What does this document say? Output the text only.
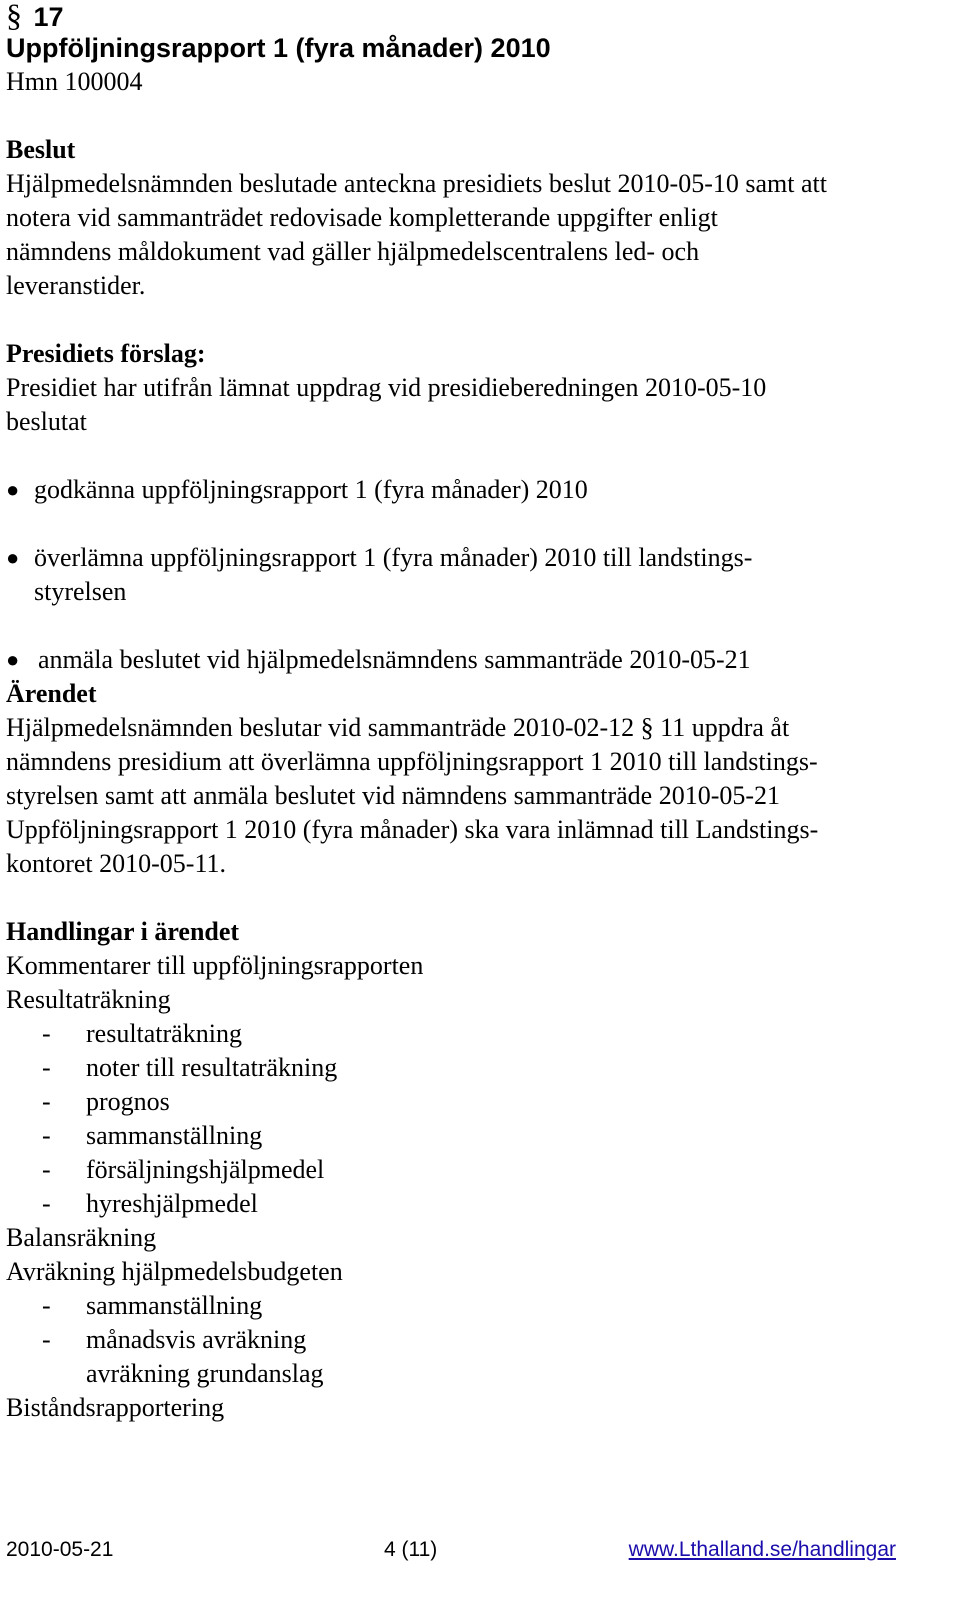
§ 17
Uppföljningsrapport 1 (fyra månader) 2010
Hmn 100004
Beslut

Hjälpmedelsnämnden beslutade anteckna presidiets beslut 2010-05-10 samt att

notera vid sammanträdet redovisade kompletterande uppgifter enligt

nämndens måldokument vad gäller hjälpmedelscentralens led- och

leveranstider.

Presidiets förslag:

Presidiet har utifrån lämnat uppdrag vid presidieberedningen 2010-05-10

beslutat

● godkänna uppföljningsrapport 1 (fyra månader) 2010

● överlämna uppföljningsrapport 1 (fyra månader) 2010 till landstings-

styrelsen

● anmäla beslutet vid hjälpmedelsnämndens sammanträde 2010-05-21

Ärendet

Hjälpmedelsnämnden beslutar vid sammanträde 2010-02-12 § 11 uppdra åt

nämndens presidium att överlämna uppföljningsrapport 1 2010 till landstings-

styrelsen samt att anmäla beslutet vid nämndens sammanträde 2010-05-21

Uppföljningsrapport 1 2010 (fyra månader) ska vara inlämnad till Landstings-

kontoret 2010-05-11.

Handlingar i ärendet
Kommentarer till uppföljningsrapporten
Resultaträkning
- resultaträkning
- noter till resultaträkning
- prognos
- sammanställning
- försäljningshjälpmedel
- hyreshjälpmedel
Balansräkning
Avräkning hjälpmedelsbudgeten
- sammanställning
- månadsvis avräkning
avräkning grundanslag
Biståndsrapportering
2010-05-21	4 (11)	www.Lthalland.se/handlingar
